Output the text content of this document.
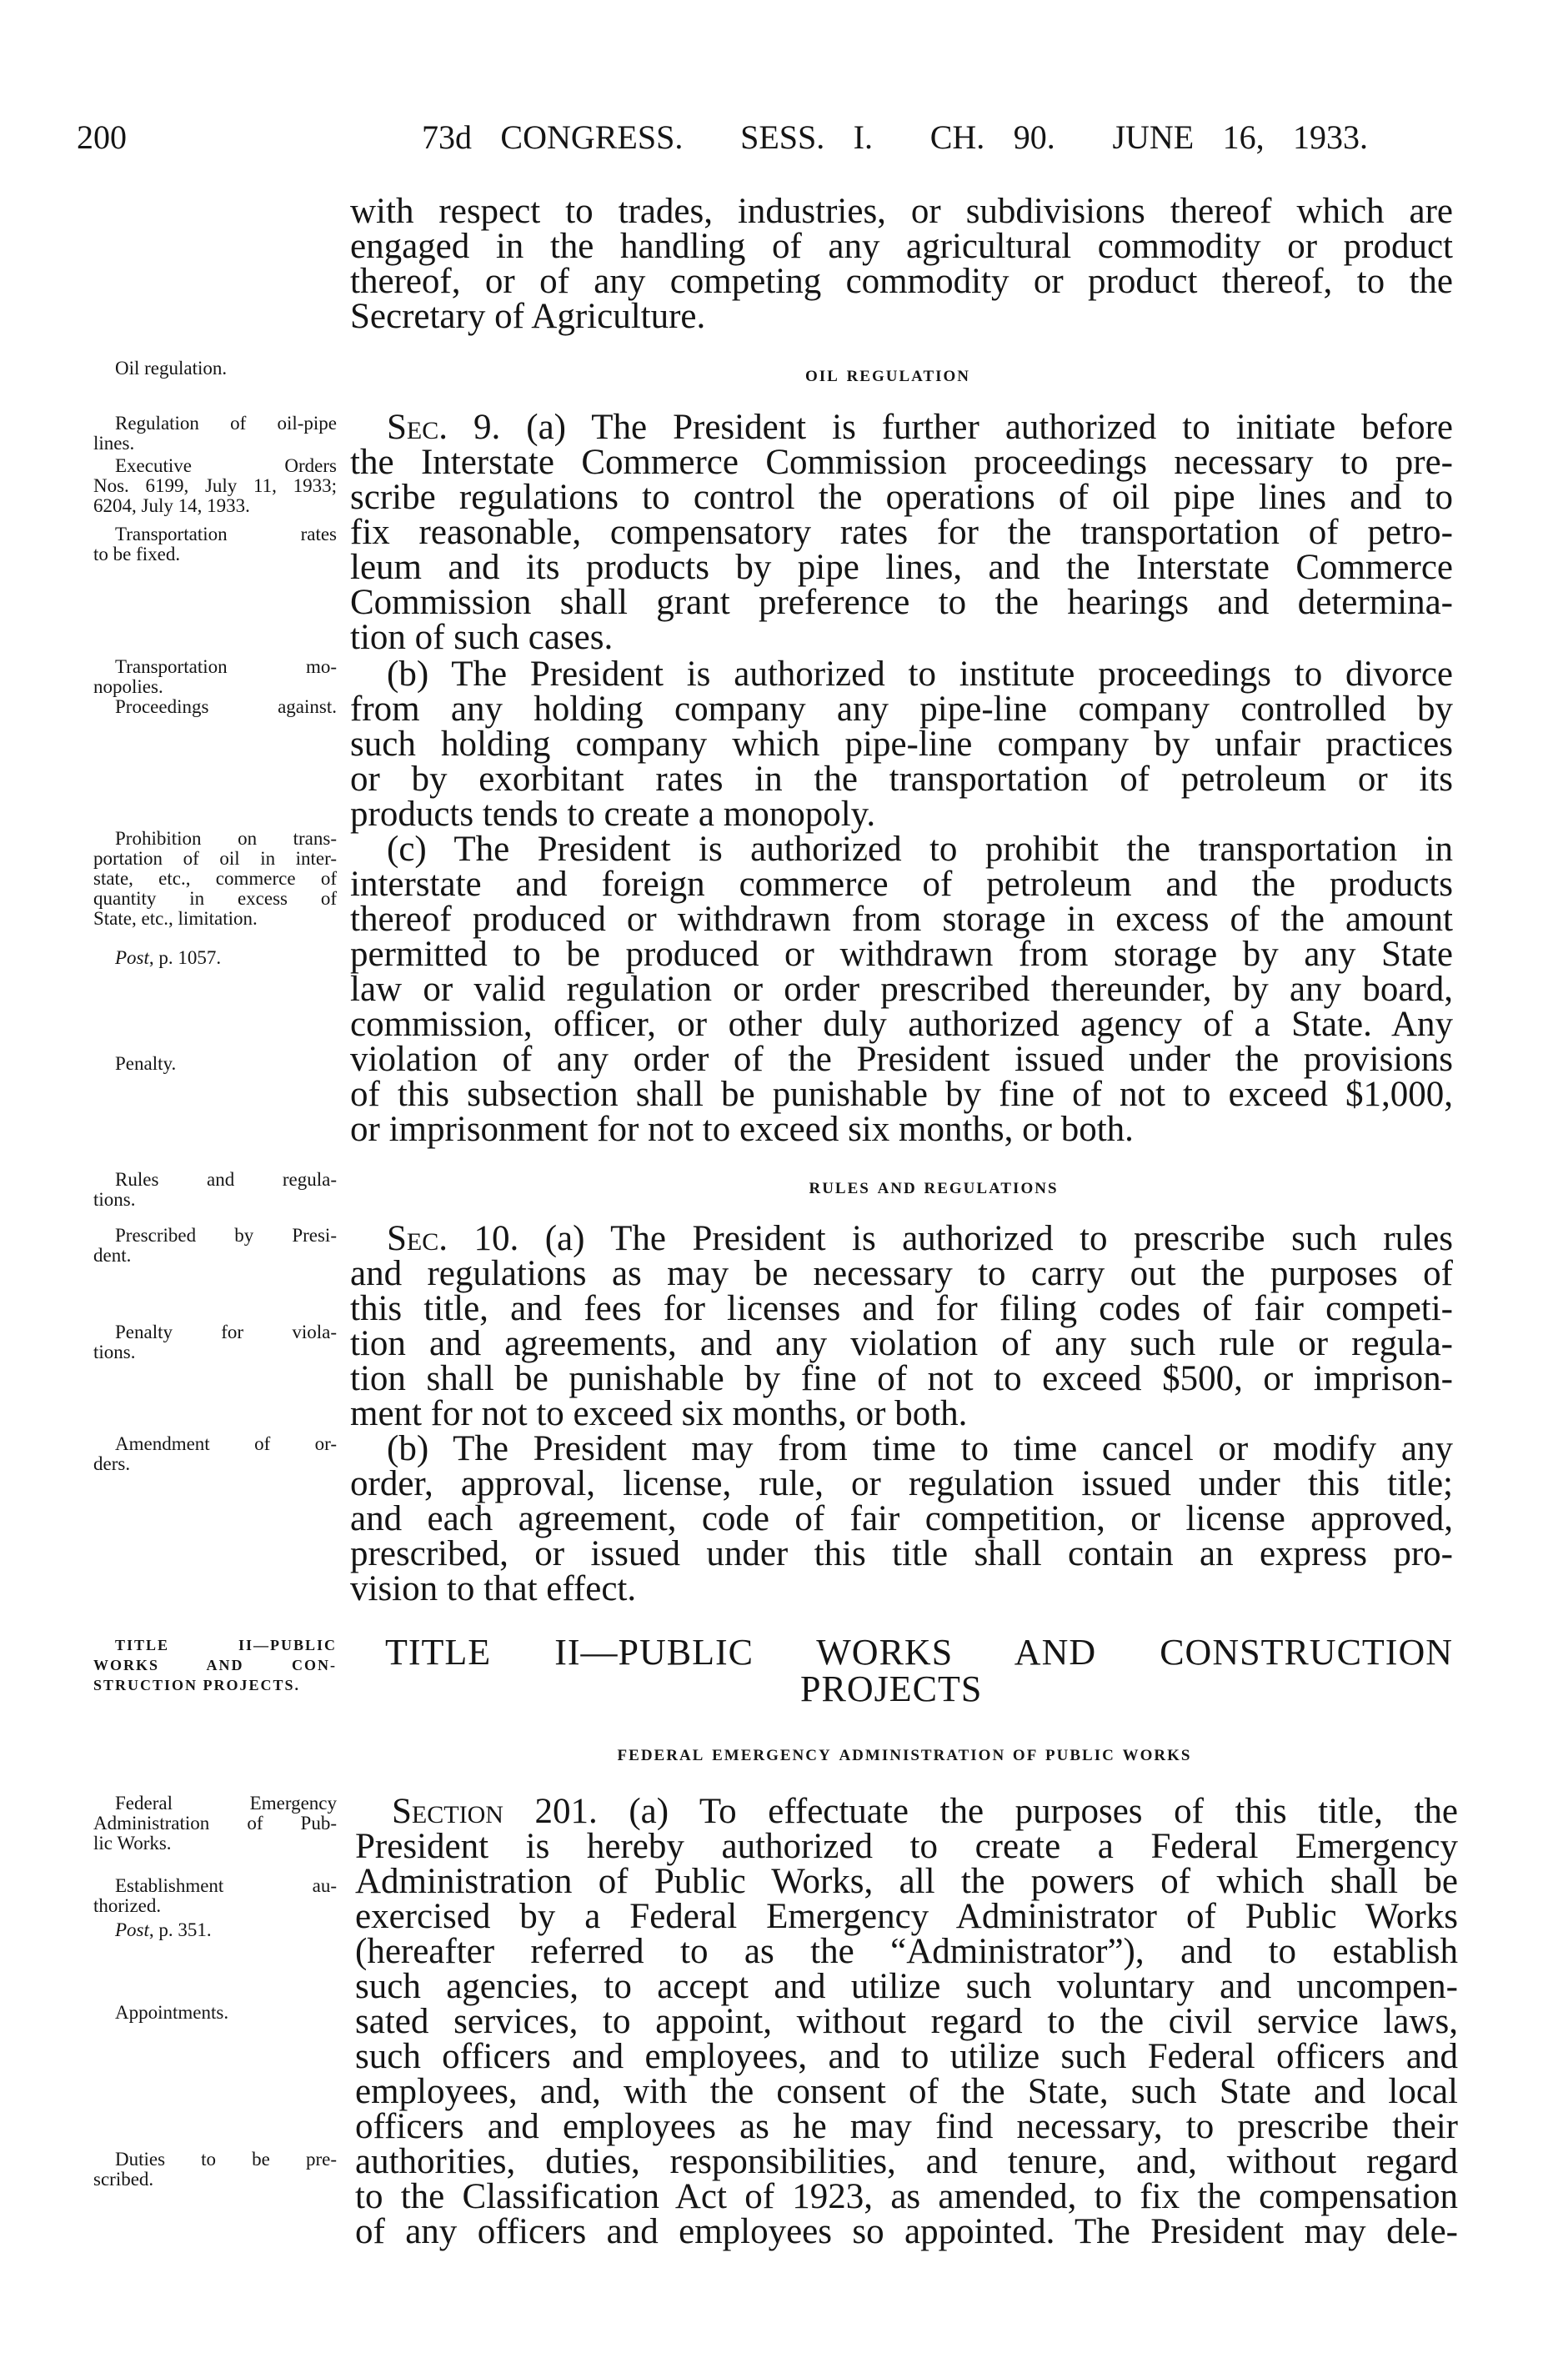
200	73d CONGRESS.  SESS. I.  CH. 90.  JUNE 16, 1933.
with respect to trades, industries, or subdivisions thereof which are
engaged in the handling of any agricultural commodity or product
thereof, or of any competing commodity or product thereof, to the
Secretary of Agriculture.
oil regulation
Sec. 9. (a) The President is further authorized to initiate before
the Interstate Commerce Commission proceedings necessary to pre-
scribe regulations to control the operations of oil pipe lines and to
fix reasonable, compensatory rates for the transportation of petro-
leum and its products by pipe lines, and the Interstate Commerce
Commission shall grant preference to the hearings and determina-
tion of such cases.
(b) The President is authorized to institute proceedings to divorce
from any holding company any pipe-line company controlled by
such holding company which pipe-line company by unfair practices
or by exorbitant rates in the transportation of petroleum or its
products tends to create a monopoly.
(c) The President is authorized to prohibit the transportation in
interstate and foreign commerce of petroleum and the products
thereof produced or withdrawn from storage in excess of the amount
permitted to be produced or withdrawn from storage by any State
law or valid regulation or order prescribed thereunder, by any board,
commission, officer, or other duly authorized agency of a State. Any
violation of any order of the President issued under the provisions
of this subsection shall be punishable by fine of not to exceed $1,000,
or imprisonment for not to exceed six months, or both.
rules and regulations
Sec. 10. (a) The President is authorized to prescribe such rules
and regulations as may be necessary to carry out the purposes of
this title, and fees for licenses and for filing codes of fair competi-
tion and agreements, and any violation of any such rule or regula-
tion shall be punishable by fine of not to exceed $500, or imprison-
ment for not to exceed six months, or both.
(b) The President may from time to time cancel or modify any
order, approval, license, rule, or regulation issued under this title;
and each agreement, code of fair competition, or license approved,
prescribed, or issued under this title shall contain an express pro-
vision to that effect.
TITLE II—PUBLIC WORKS AND CONSTRUCTION
PROJECTS
federal emergency administration of public works
Section 201. (a) To effectuate the purposes of this title, the
President is hereby authorized to create a Federal Emergency
Administration of Public Works, all the powers of which shall be
exercised by a Federal Emergency Administrator of Public Works
(hereafter referred to as the “Administrator”), and to establish
such agencies, to accept and utilize such voluntary and uncompen-
sated services, to appoint, without regard to the civil service laws,
such officers and employees, and to utilize such Federal officers and
employees, and, with the consent of the State, such State and local
officers and employees as he may find necessary, to prescribe their
authorities, duties, responsibilities, and tenure, and, without regard
to the Classification Act of 1923, as amended, to fix the compensation
of any officers and employees so appointed. The President may dele-
Oil regulation.
Regulation of oil-pipe
lines.
Executive Orders
Nos. 6199, July 11, 1933;
6204, July 14, 1933.
Transportation rates
to be fixed.
Transportation mo-
nopolies.
Proceedings against.
Prohibition on trans-
portation of oil in inter-
state, etc., commerce of
quantity in excess of
State, etc., limitation.
Post, p. 1057.
Penalty.
Rules and regula-
tions.
Prescribed by Presi-
dent.
Penalty for viola-
tions.
Amendment of or-
ders.
TITLE II—PUBLIC
WORKS AND CON-
STRUCTION PROJECTS.
Federal Emergency
Administration of Pub-
lic Works.
Establishment au-
thorized.
Post, p. 351.
Appointments.
Duties to be pre-
scribed.
